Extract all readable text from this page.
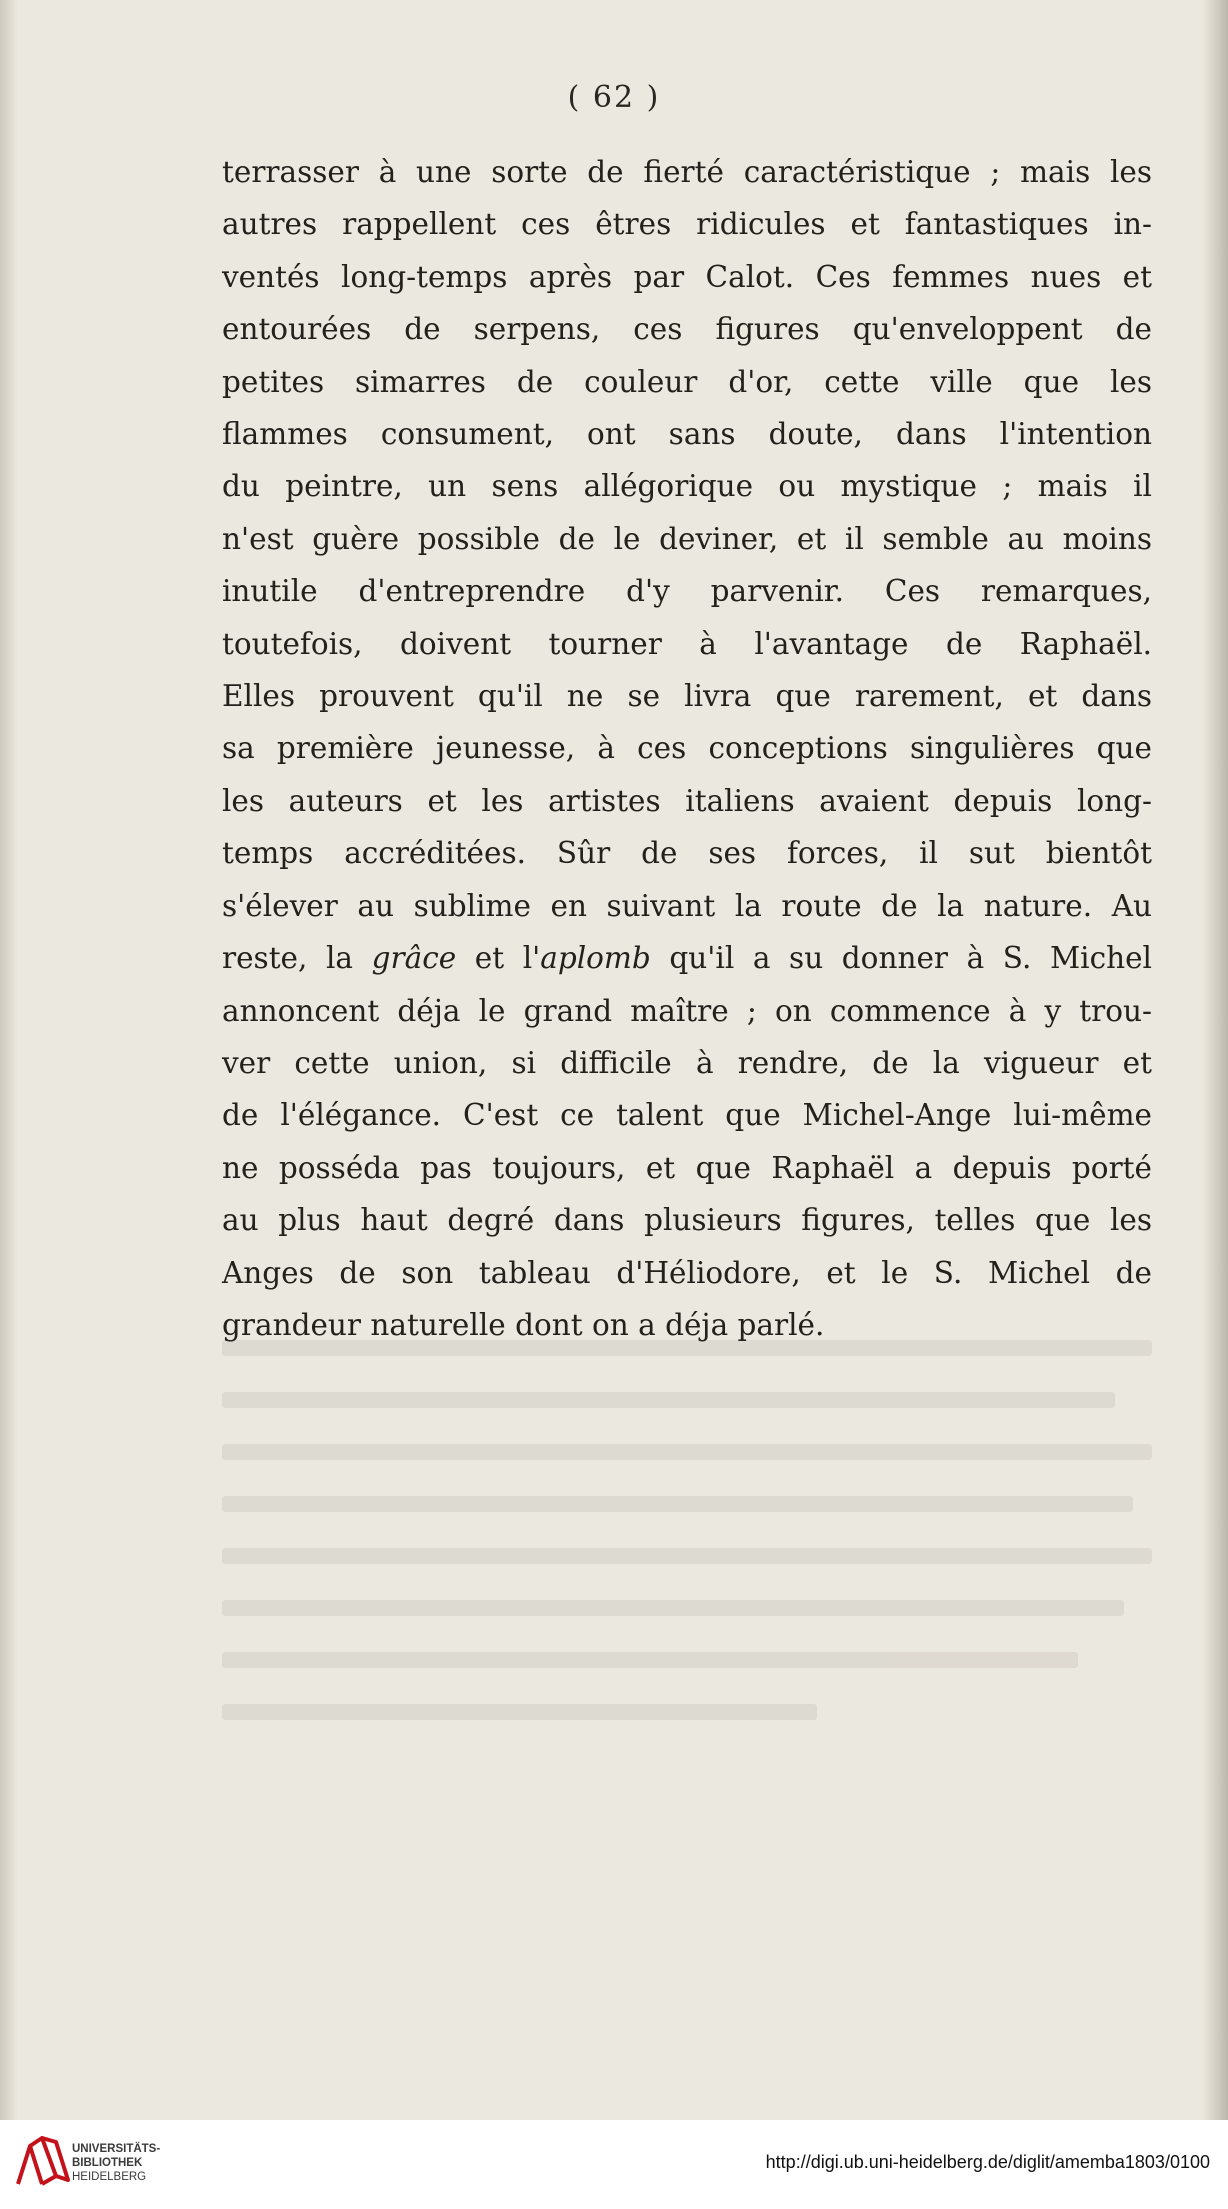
( 62 )
terrasser à une sorte de fierté caractéristique ; mais les
autres rappellent ces êtres ridicules et fantastiques in-
ventés long-temps après par Calot. Ces femmes nues et
entourées de serpens, ces figures qu'enveloppent de
petites simarres de couleur d'or, cette ville que les
flammes consument, ont sans doute, dans l'intention
du peintre, un sens allégorique ou mystique ; mais il
n'est guère possible de le deviner, et il semble au moins
inutile d'entreprendre d'y parvenir. Ces remarques,
toutefois, doivent tourner à l'avantage de Raphaël.
Elles prouvent qu'il ne se livra que rarement, et dans
sa première jeunesse, à ces conceptions singulières que
les auteurs et les artistes italiens avaient depuis long-
temps accréditées. Sûr de ses forces, il sut bientôt
s'élever au sublime en suivant la route de la nature. Au
reste, la grâce et l'aplomb qu'il a su donner à S. Michel
annoncent déja le grand maître ; on commence à y trou-
ver cette union, si difficile à rendre, de la vigueur et
de l'élégance. C'est ce talent que Michel-Ange lui-même
ne posséda pas toujours, et que Raphaël a depuis porté
au plus haut degré dans plusieurs figures, telles que les
Anges de son tableau d'Héliodore, et le S. Michel de
grandeur naturelle dont on a déja parlé.
UNIVERSITÄTS-
BIBLIOTHEK
HEIDELBERG
http://digi.ub.uni-heidelberg.de/diglit/amemba1803/0100
